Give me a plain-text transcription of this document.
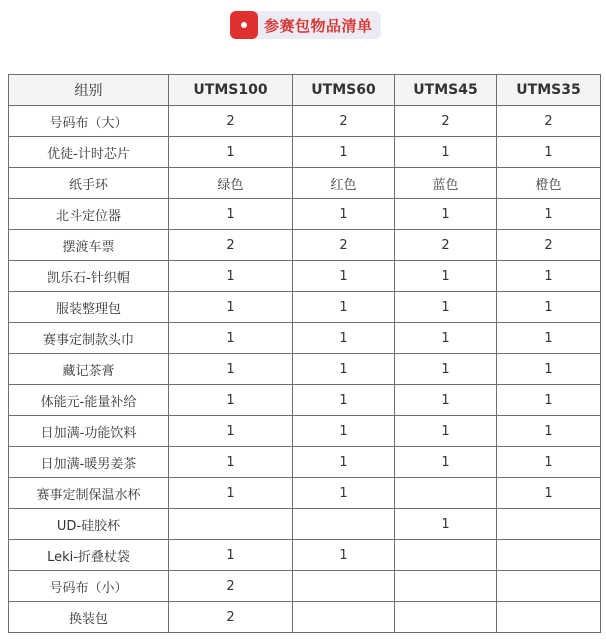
参赛包物品清单
组别	UTMS100	UTMS60	UTMS45	UTMS35
号码布（大）	2	2	2	2
优徒-计时芯片	1	1	1	1
纸手环	绿色	红色	蓝色	橙色
北斗定位器	1	1	1	1
摆渡车票	2	2	2	2
凯乐石-针织帽	1	1	1	1
服装整理包	1	1	1	1
赛事定制款头巾	1	1	1	1
藏记茶膏	1	1	1	1
体能元-能量补给	1	1	1	1
日加满-功能饮料	1	1	1	1
日加满-暖男姜茶	1	1	1	1
赛事定制保温水杯	1	1		1
UD-硅胶杯			1	
Leki-折叠杖袋	1	1		
号码布（小）	2			
换装包	2			
